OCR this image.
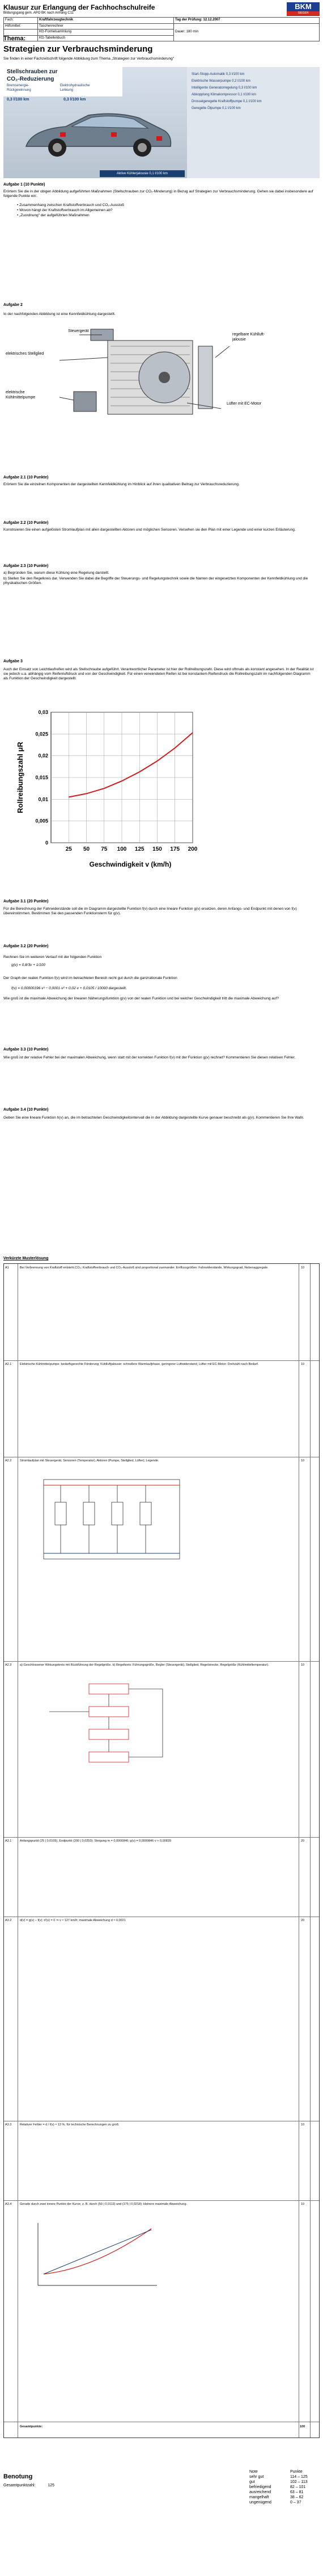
Klausur zur Erlangung der Fachhochschulreife
Bildungsgang gem. APO BK nach Anhang C11
BKM
SIEGEN
Fach:	Kraftfahrzeugtechnik	Tag der Prüfung: 12.12.2007
Hilfsmittel:	Taschenrechner	Dauer: 180 min
	Kfz-Formelsammlung	
	Kfz-Tabellenbuch	
Thema:
Strategien zur Verbrauchsminderung
Sie finden in einer Fachzeitschrift folgende Abbildung zum Thema „Strategien zur Verbrauchsminderung“
Stellschrauben zur
CO₂-Reduzierung
Bremsenergie-
Rückgewinnung
Elektrohydraulische
Lenkung
0,3 l/100 km	0,3 l/100 km
Aktive Kühlerjalousie 0,1 l/100 km
Start-Stopp-Automatik 0,3 l/100 km
Elektrische Wasserpumpe 0,2 l/100 km
Intelligente Generatorregelung 0,3 l/100 km
Abkopplung Klimakompressor 0,1 l/100 km
Drosselgeregelte Kraftstoffpumpe 0,1 l/100 km
Geregelte Ölpumpe 0,1 l/100 km
Aufgabe 1 (10 Punkte)
Erörtern Sie die in der obigen Abbildung aufgeführten Maßnahmen (Stellschrauben zur CO₂-Minderung) in Bezug auf Strategien zur Verbrauchsminderung. Gehen sie dabei insbesondere auf folgende Punkte ein:
• Zusammenhang zwischen Kraftstoffverbrauch und CO₂-Ausstoß
• Wovon hängt der Kraftstoffverbrauch im Allgemeinen ab?
• „Zuordnung“ der aufgeführten Maßnahmen
Aufgabe 2
In der nachfolgenden Abbildung ist eine Kennfeldkühlung dargestellt.
Steuergerät
elektrisches Stellglied
regelbare Kühlluft-jalousie
elektrische Kühlmittelpumpe
Lüfter mit EC-Motor
Aufgabe 2.1 (10 Punkte)
Erörtern Sie die einzelnen Komponenten der dargestellten Kennfeldkühlung im Hinblick auf ihren qualitativen Beitrag zur Verbrauchsreduzierung.
Aufgabe 2.2 (10 Punkte)
Konstruieren Sie einen aufgelösten Stromlaufplan mit allen dargestellten Aktoren und möglichen Sensoren. Versehen sie den Plan mit einer Legende und einer kurzen Erläuterung.
Aufgabe 2.3 (10 Punkte)
a) Begründen Sie, warum diese Kühlung eine Regelung darstellt.
b) Stellen Sie den Regelkreis dar. Verwenden Sie dabei die Begriffe der Steuerungs- und Regelungstechnik sowie die Namen der eingesetzten Komponenten der Kennfeldkühlung und die physikalischen Größen.
Aufgabe 3
Auch der Einsatz von Leichtlaufreifen wird als Stellschraube aufgeführt. Verantwortlicher Parameter ist hier der Rollreibungszahl. Diese wird oftmals als konstant angesehen. In der Realität ist sie jedoch u.a. abhängig vom Reifenluftdruck und von der Geschwindigkeit. Für einen verwendeten Reifen ist bei konstantem Reifendruck die Rollreibungszahl im nachfolgenden Diagramm als Funktion der Geschwindigkeit dargestellt.
0
0,005
0,01
0,015
0,02
0,025
0,03
25 50 75 100 125 150 175 200
Rollreibungszahl μR
Geschwindigkeit v (km/h)
Aufgabe 3.1 (20 Punkte)
Für die Berechnung der Fahrwiderstände soll die im Diagramm dargestellte Funktion f(v) durch eine lineare Funktion g(v) ersetzen, deren Anfangs- und Endpunkt mit denen von f(v) übereinstimmen. Bestimmen Sie den passenden Funktionsterm für g(v).
Aufgabe 3.2 (20 Punkte)
Rechnen Sie im weiteren Verlauf mit der folgenden Funktion
g(v) = 0,8/3v + 1/100
Der Graph der realen Funktion f(v) wird im betrachteten Bereich recht gut durch die ganzrationale Funktion
f(v) = 0,00000196·v³ − 0,0001·v² + 0,02·v + 0,0105 / 10000 dargestellt.
Wie groß ist die maximale Abweichung der linearen Näherungsfunktion g(v) von der realen Funktion und bei welcher Geschwindigkeit tritt die maximale Abweichung auf?
Aufgabe 3.3 (10 Punkte)
Wie groß ist der relative Fehler bei der maximalen Abweichung, wenn statt mit der korrekten Funktion f(v) mit der Funktion g(v) rechnet? Kommentieren Sie diesen relativen Fehler.
Aufgabe 3.4 (10 Punkte)
Geben Sie eine lineare Funktion h(v) an, die im betrachteten Geschwindigkeitsintervall die in der Abbildung dargestellte Kurve genauer beschreibt als g(v). Kommentieren Sie Ihre Wahl.
Verkürzte Musterlösung
A1	Bei Verbrennung von Kraftstoff entsteht CO₂; Kraftstoffverbrauch und CO₂-Ausstoß sind proportional zueinander. Einflussgrößen: Fahrwiderstände, Wirkungsgrad, Nebenaggregate.	10
A2.1	Elektrische Kühlmittelpumpe: bedarfsgerechte Förderung; Kühlluftjalousie: schnellere Warmlaufphase, geringerer Luftwiderstand; Lüfter mit EC-Motor: Drehzahl nach Bedarf.	10
A2.2	Stromlaufplan mit Steuergerät, Sensoren (Temperatur), Aktoren (Pumpe, Stellglied, Lüfter); Legende.	10
A2.3	a) Geschlossener Wirkungskreis mit Rückführung der Regelgröße. b) Regelkreis: Führungsgröße, Regler (Steuergerät), Stellglied, Regelstrecke, Regelgröße (Kühlmitteltemperatur).	10
A3.1	Anfangspunkt (25 | 0,0105), Endpunkt (200 | 0,0253); Steigung m = 0,0000846; g(v) = 0,0000846·v + 0,00839	20
A3.2	d(v) = g(v) − f(v); d'(v) = 0 ⇒ v ≈ 127 km/h; maximale Abweichung d ≈ 0,0021	20
A3.3	Relativer Fehler = d / f(v) ≈ 13 %; für technische Berechnungen zu groß.	10
A3.4	Gerade durch zwei innere Punkte der Kurve, z. B. durch (50 | 0,0113) und (175 | 0,0218); kleinere maximale Abweichung.	10
Gesamtpunkte:	100
Benotung
Gesamtpunktzahl:	125
Note	Punkte
sehr gut	114 – 125
gut	102 – 113
befriedigend	82 – 101
ausreichend	63 – 81
mangelhaft	38 – 62
ungenügend	0 – 37
